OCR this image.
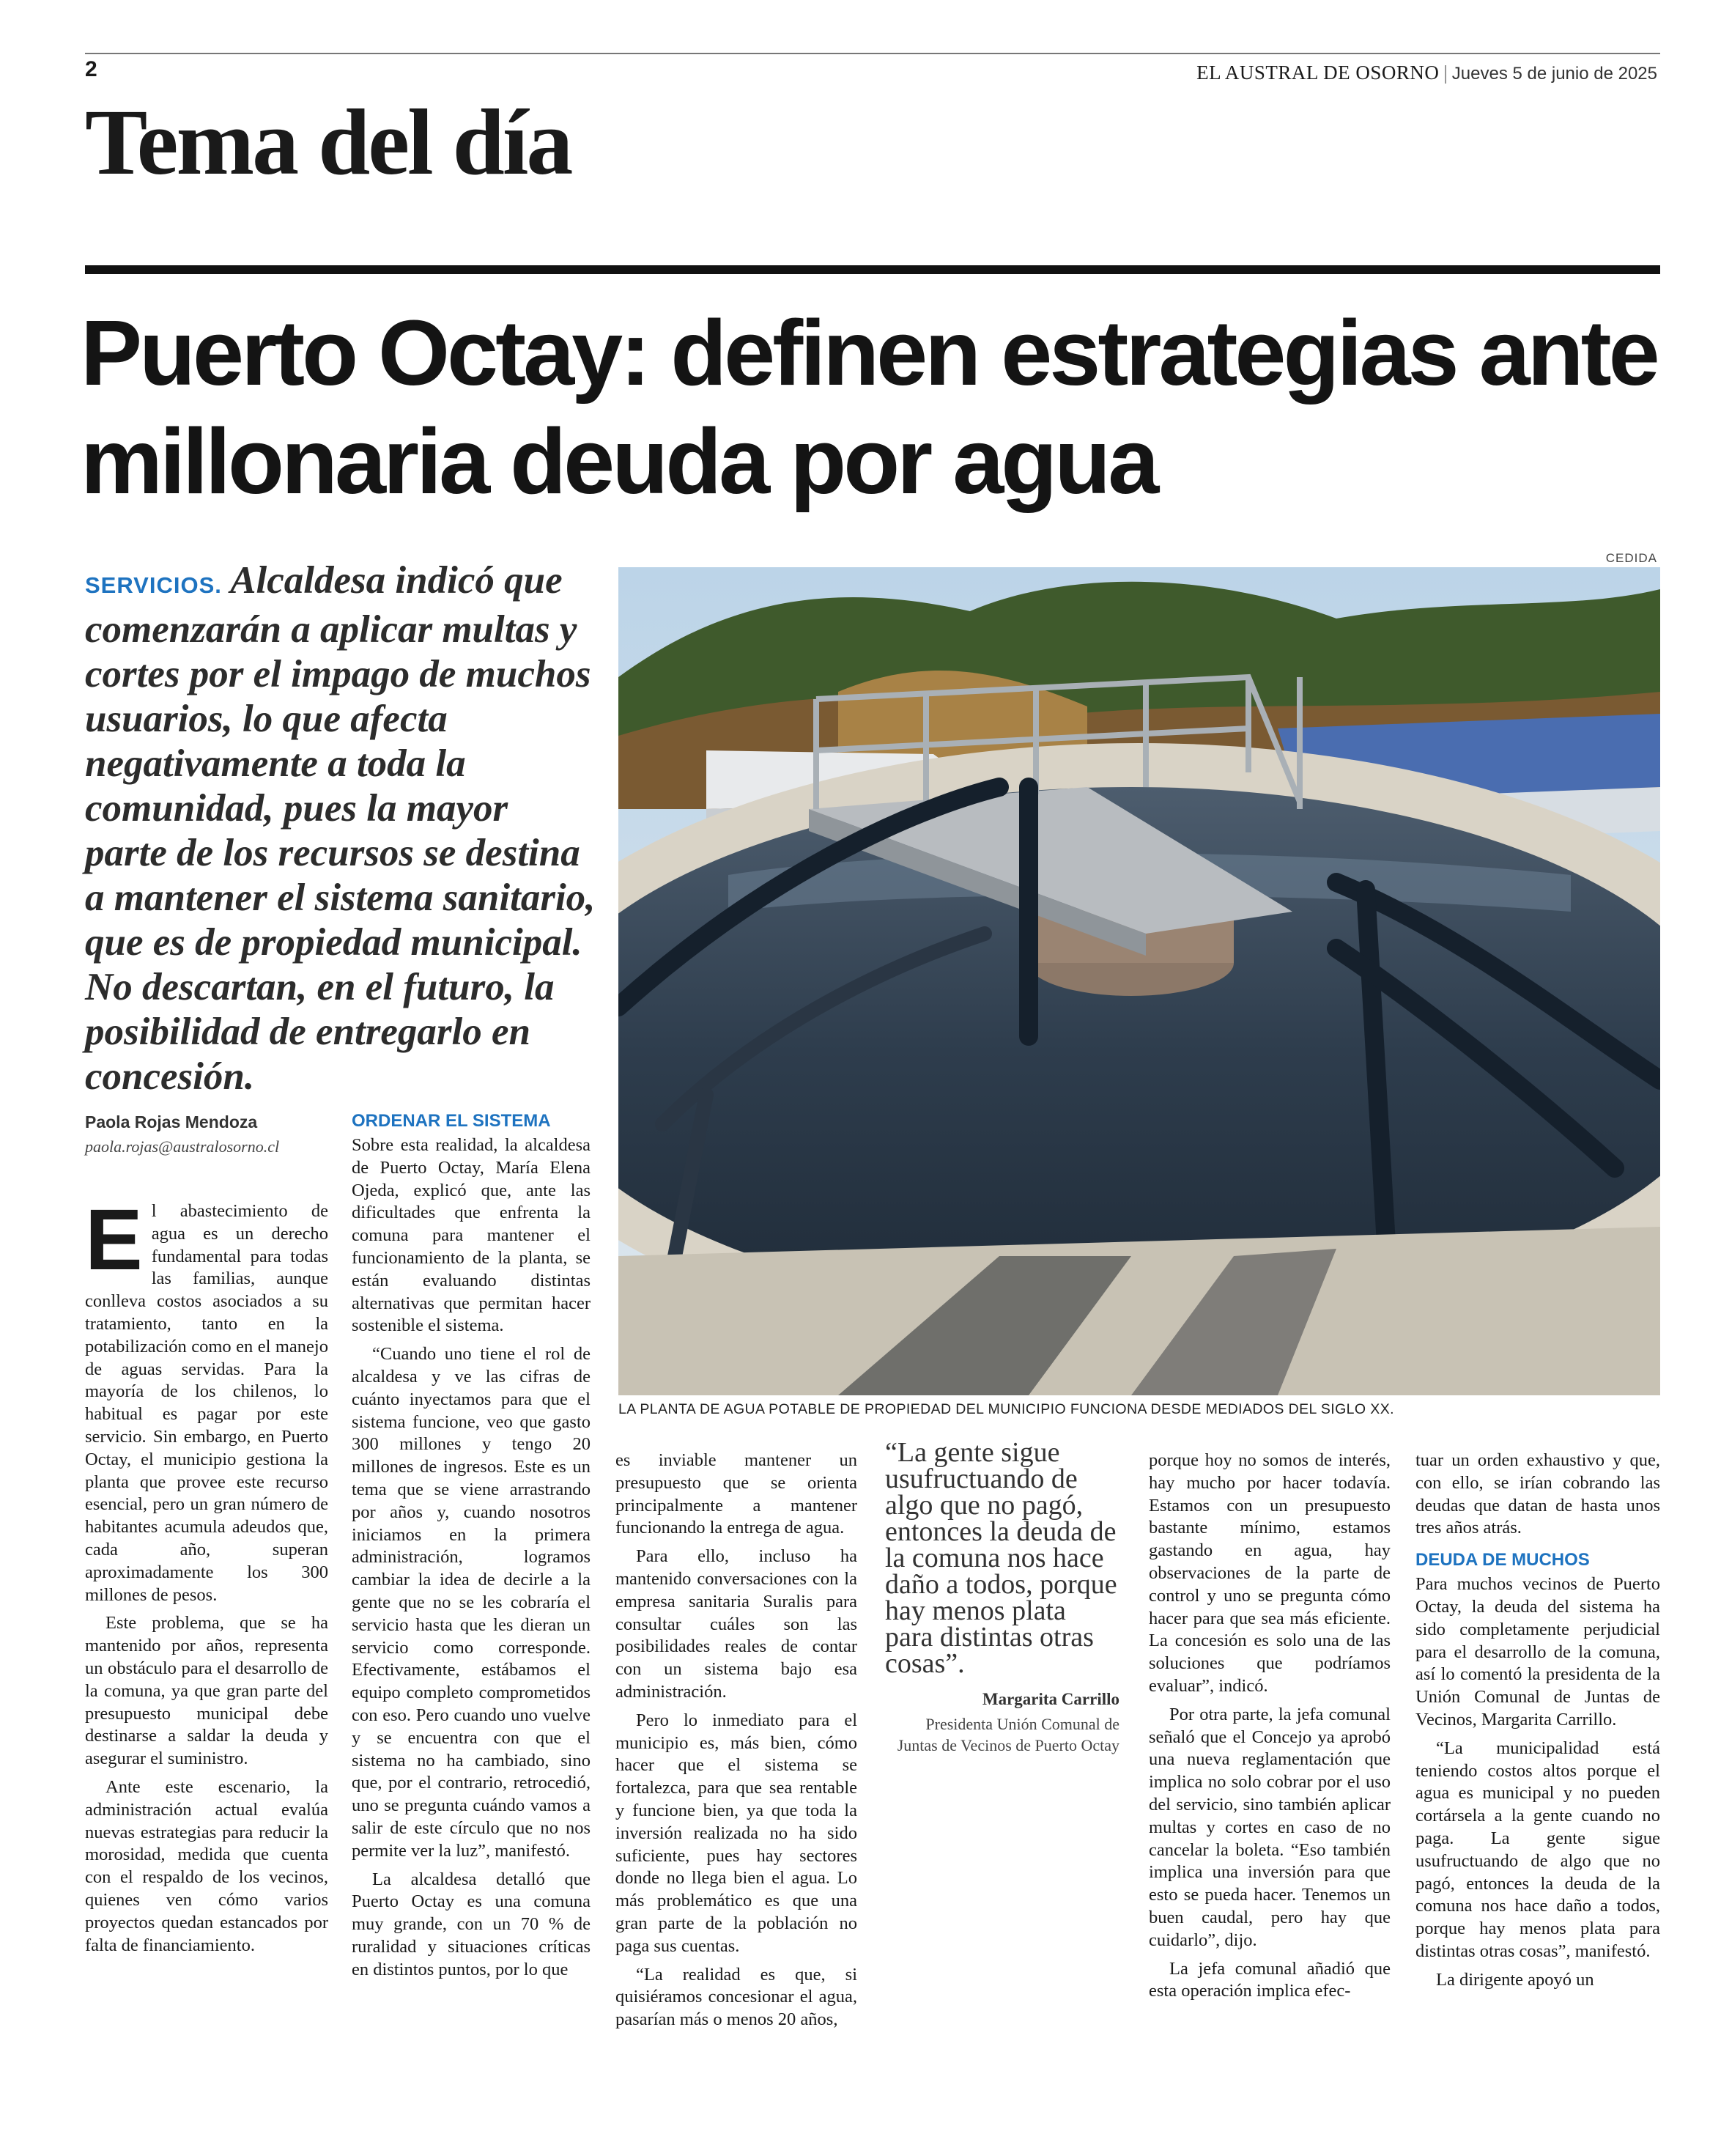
2	EL AUSTRAL DE OSORNO | Jueves 5 de junio de 2025
Tema del día
Puerto Octay: definen estrategias ante millonaria deuda por agua
SERVICIOS. Alcaldesa indicó que comenzarán a aplicar multas y cortes por el impago de muchos usuarios, lo que afecta negativamente a toda la comunidad, pues la mayor parte de los recursos se destina a mantener el sistema sanitario, que es de propiedad municipal. No descartan, en el futuro, la posibilidad de entregarlo en concesión.
CEDIDA
LA PLANTA DE AGUA POTABLE DE PROPIEDAD DEL MUNICIPIO FUNCIONA DESDE MEDIADOS DEL SIGLO XX.
Paola Rojas Mendoza
paola.rojas@australosorno.cl

El abastecimiento de agua es un derecho fundamental para todas las familias, aunque conlleva costos asociados a su tratamiento, tanto en la potabilización como en el manejo de aguas servidas. Para la mayoría de los chilenos, lo habitual es pagar por este servicio. Sin embargo, en Puerto Octay, el municipio gestiona la planta que provee este recurso esencial, pero un gran número de habitantes acumula adeudos que, cada año, superan aproximadamente los 300 millones de pesos.

Este problema, que se ha mantenido por años, representa un obstáculo para el desarrollo de la comuna, ya que gran parte del presupuesto municipal debe destinarse a saldar la deuda y asegurar el suministro.

Ante este escenario, la administración actual evalúa nuevas estrategias para reducir la morosidad, medida que cuenta con el respaldo de los vecinos, quienes ven cómo varios proyectos quedan estancados por falta de financiamiento.

ORDENAR EL SISTEMA

Sobre esta realidad, la alcaldesa de Puerto Octay, María Elena Ojeda, explicó que, ante las dificultades que enfrenta la comuna para mantener el funcionamiento de la planta, se están evaluando distintas alternativas que permitan hacer sostenible el sistema.

“Cuando uno tiene el rol de alcaldesa y ve las cifras de cuánto inyectamos para que el sistema funcione, veo que gasto 300 millones y tengo 20 millones de ingresos. Este es un tema que se viene arrastrando por años y, cuando nosotros iniciamos en la primera administración, logramos cambiar la idea de decirle a la gente que no se les cobraría el servicio hasta que les dieran un servicio como corresponde. Efectivamente, estábamos el equipo completo comprometidos con eso. Pero cuando uno vuelve y se encuentra con que el sistema no ha cambiado, sino que, por el contrario, retrocedió, uno se pregunta cuándo vamos a salir de este círculo que no nos permite ver la luz”, manifestó.

La alcaldesa detalló que Puerto Octay es una comuna muy grande, con un 70 % de ruralidad y situaciones críticas en distintos puntos, por lo que

es inviable mantener un presupuesto que se orienta principalmente a mantener funcionando la entrega de agua.

Para ello, incluso ha mantenido conversaciones con la empresa sanitaria Suralis para consultar cuáles son las posibilidades reales de contar con un sistema bajo esa administración.

Pero lo inmediato para el municipio es, más bien, cómo hacer que el sistema se fortalezca, para que sea rentable y funcione bien, ya que toda la inversión realizada no ha sido suficiente, pues hay sectores donde no llega bien el agua. Lo más problemático es que una gran parte de la población no paga sus cuentas.

“La realidad es que, si quisiéramos concesionar el agua, pasarían más o menos 20 años,

“La gente sigue usufructuando de algo que no pagó, entonces la deuda de la comuna nos hace daño a todos, porque hay menos plata para distintas otras cosas”.
Margarita Carrillo
Presidenta Unión Comunal de Juntas de Vecinos de Puerto Octay

porque hoy no somos de interés, hay mucho por hacer todavía. Estamos con un presupuesto bastante mínimo, estamos gastando en agua, hay observaciones de la parte de control y uno se pregunta cómo hacer para que sea más eficiente. La concesión es solo una de las soluciones que podríamos evaluar”, indicó.

Por otra parte, la jefa comunal señaló que el Concejo ya aprobó una nueva reglamentación que implica no solo cobrar por el uso del servicio, sino también aplicar multas y cortes en caso de no cancelar la boleta. “Eso también implica una inversión para que esto se pueda hacer. Tenemos un buen caudal, pero hay que cuidarlo”, dijo.

La jefa comunal añadió que esta operación implica efec-

tuar un orden exhaustivo y que, con ello, se irían cobrando las deudas que datan de hasta unos tres años atrás.

DEUDA DE MUCHOS

Para muchos vecinos de Puerto Octay, la deuda del sistema ha sido completamente perjudicial para el desarrollo de la comuna, así lo comentó la presidenta de la Unión Comunal de Juntas de Vecinos, Margarita Carrillo.

“La municipalidad está teniendo costos altos porque el agua es municipal y no pueden cortársela a la gente cuando no paga. La gente sigue usufructuando de algo que no pagó, entonces la deuda de la comuna nos hace daño a todos, porque hay menos plata para distintas otras cosas”, manifestó.

La dirigente apoyó un
